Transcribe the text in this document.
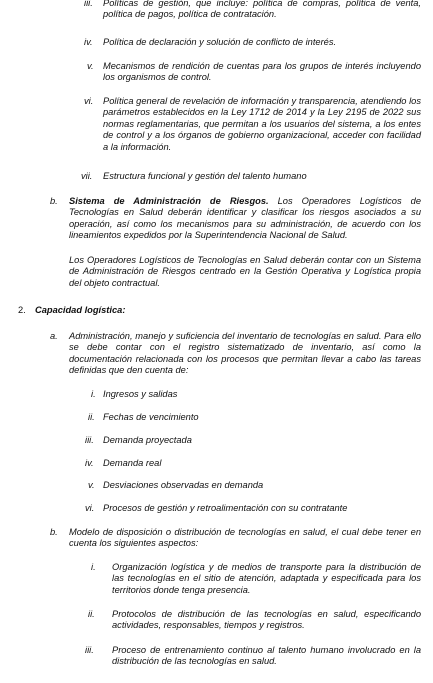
iii. Políticas de gestión, que incluye: política de compras, política de venta, política de pagos, política de contratación.
iv. Política de declaración y solución de conflicto de interés.
v. Mecanismos de rendición de cuentas para los grupos de interés incluyendo los organismos de control.
vi. Política general de revelación de información y transparencia, atendiendo los parámetros establecidos en la Ley 1712 de 2014 y la Ley 2195 de 2022 sus normas reglamentarias, que permitan a los usuarios del sistema, a los entes de control y a los órganos de gobierno organizacional, acceder con facilidad a la información.
vii. Estructura funcional y gestión del talento humano
b. Sistema de Administración de Riesgos. Los Operadores Logísticos de Tecnologías en Salud deberán identificar y clasificar los riesgos asociados a su operación, así como los mecanismos para su administración, de acuerdo con los lineamientos expedidos por la Superintendencia Nacional de Salud.
Los Operadores Logísticos de Tecnologías en Salud deberán contar con un Sistema de Administración de Riesgos centrado en la Gestión Operativa y Logística propia del objeto contractual.
2. Capacidad logística:
a. Administración, manejo y suficiencia del inventario de tecnologías en salud. Para ello se debe contar con el registro sistematizado de inventario, así como la documentación relacionada con los procesos que permitan llevar a cabo las tareas definidas que den cuenta de:
i. Ingresos y salidas
ii. Fechas de vencimiento
iii. Demanda proyectada
iv. Demanda real
v. Desviaciones observadas en demanda
vi. Procesos de gestión y retroalimentación con su contratante
b. Modelo de disposición o distribución de tecnologías en salud, el cual debe tener en cuenta los siguientes aspectos:
i. Organización logística y de medios de transporte para la distribución de las tecnologías en el sitio de atención, adaptada y especificada para los territorios donde tenga presencia.
ii. Protocolos de distribución de las tecnologías en salud, especificando actividades, responsables, tiempos y registros.
iii. Proceso de entrenamiento continuo al talento humano involucrado en la distribución de las tecnologías en salud.
